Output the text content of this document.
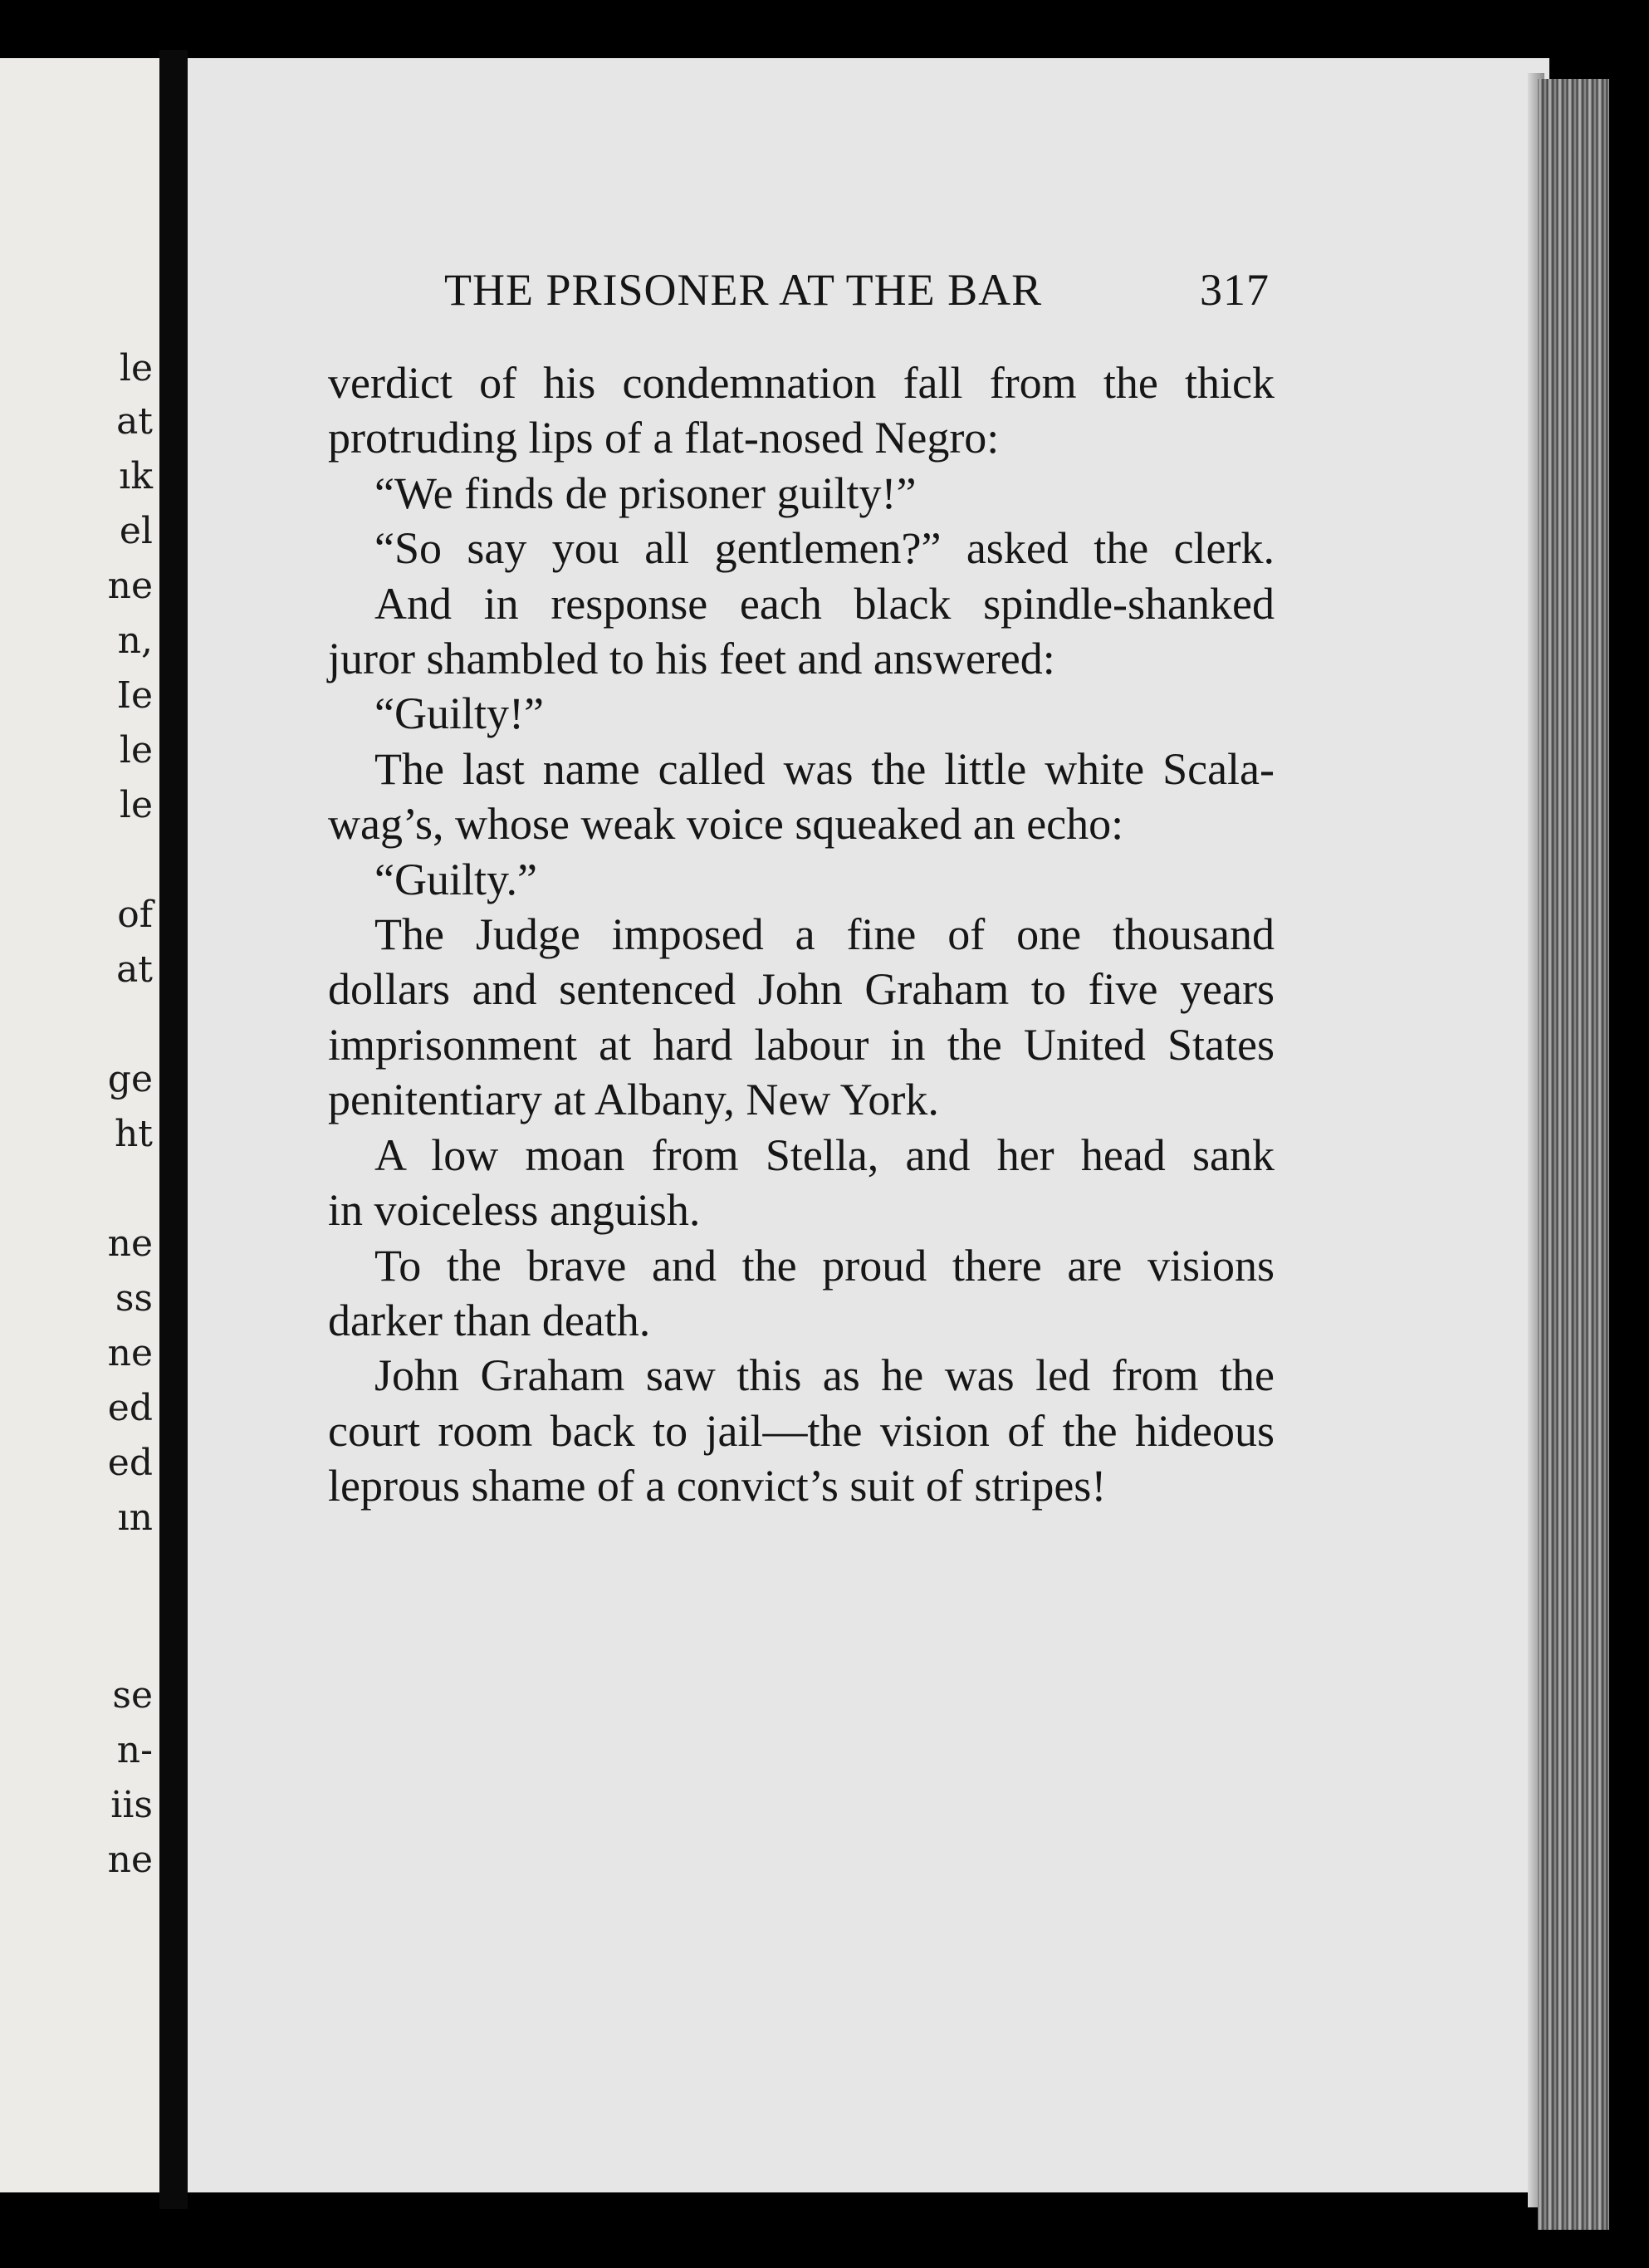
le
at
ık
el
ne
n,
Ie
le
le
of
at
ge
ht
ne
ss
ne
ed
ed
ın
se
n-
iis
ne
THE PRISONER AT THE BAR	317
verdict of his condemnation fall from the thick
protruding lips of a flat-nosed Negro:
“We finds de prisoner guilty!”
“So say you all gentlemen?” asked the clerk.
And in response each black spindle-shanked
juror shambled to his feet and answered:
“Guilty!”
The last name called was the little white Scala-
wag’s, whose weak voice squeaked an echo:
“Guilty.”
The Judge imposed a fine of one thousand
dollars and sentenced John Graham to five years
imprisonment at hard labour in the United States
penitentiary at Albany, New York.
A low moan from Stella, and her head sank
in voiceless anguish.
To the brave and the proud there are visions
darker than death.
John Graham saw this as he was led from the
court room back to jail—the vision of the hideous
leprous shame of a convict’s suit of stripes!
